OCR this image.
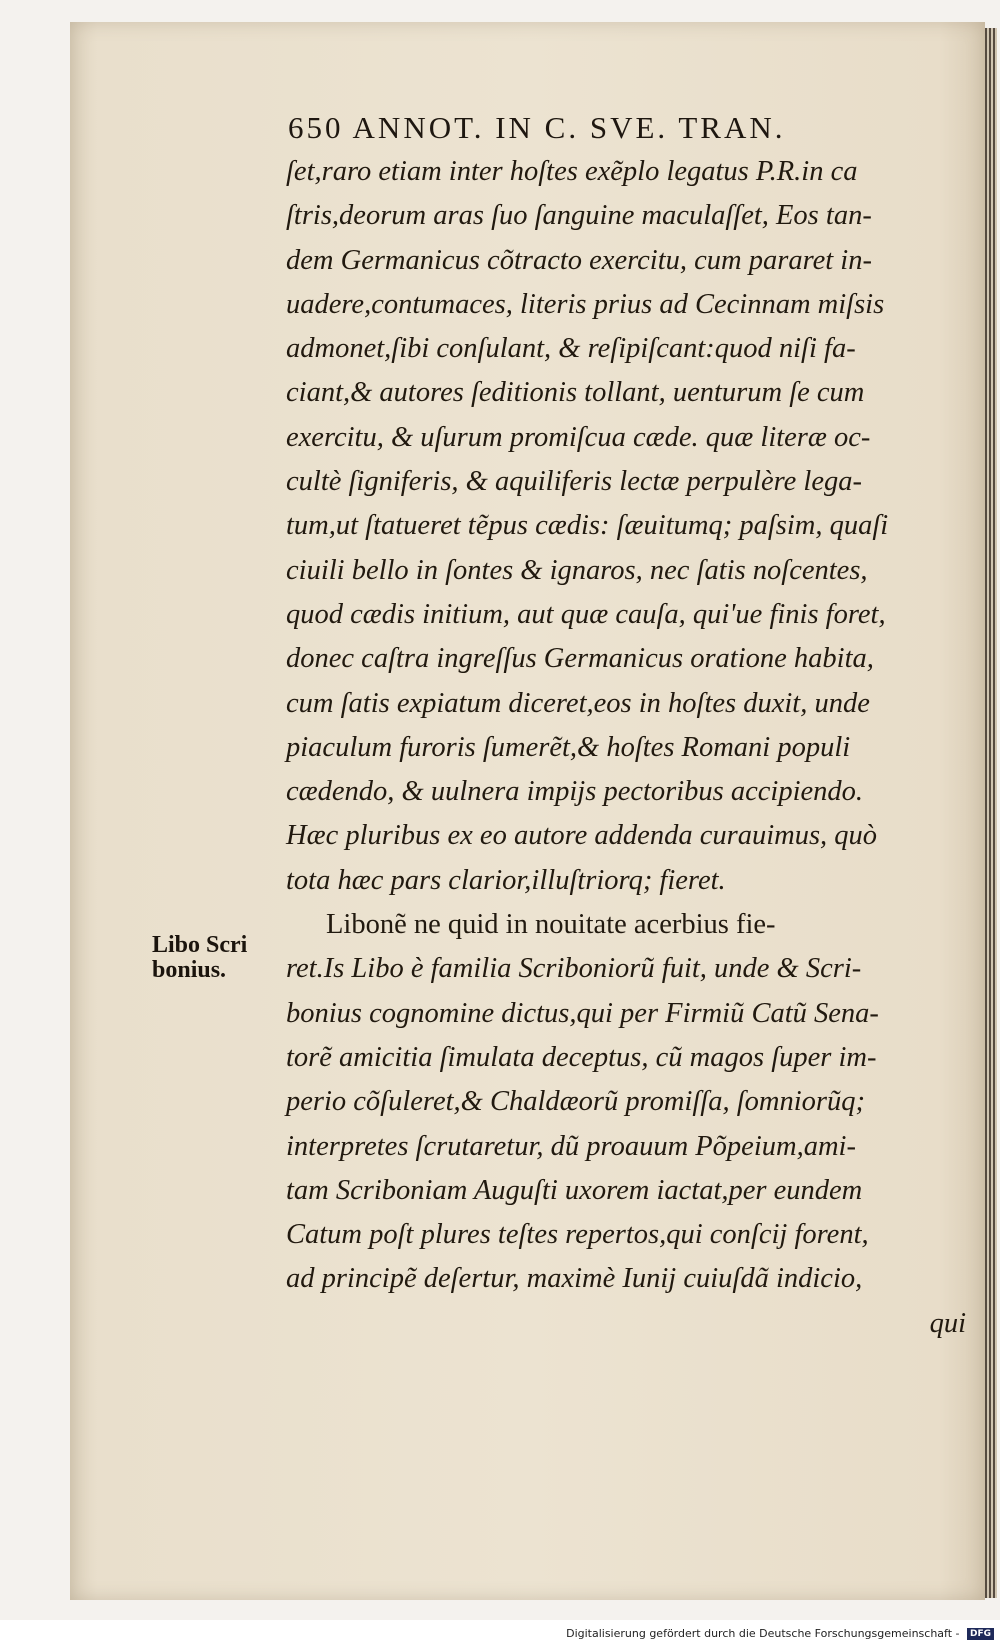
650 ANNOT. IN C. SVE. TRAN.
ſet,raro etiam inter hoſtes exẽplo legatus P.R.in ca
ſtris,deorum aras ſuo ſanguine maculaſſet, Eos tan-
dem Germanicus cõtracto exercitu, cum pararet in-
uadere,contumaces, literis prius ad Cecinnam miſsis
admonet,ſibi conſulant, & reſipiſcant:quod niſi fa-
ciant,& autores ſeditionis tollant, uenturum ſe cum
exercitu, & uſurum promiſcua cæde. quæ literæ oc-
cultè ſigniferis, & aquiliferis lectæ perpulère lega-
tum,ut ſtatueret tẽpus cædis: ſæuitumq; paſsim, quaſi
ciuili bello in ſontes & ignaros, nec ſatis noſcentes,
quod cædis initium, aut quæ cauſa, qui'ue finis foret,
donec caſtra ingreſſus Germanicus oratione habita,
cum ſatis expiatum diceret,eos in hoſtes duxit, unde
piaculum furoris ſumerẽt,& hoſtes Romani populi
cædendo, & uulnera impijs pectoribus accipiendo.
Hæc pluribus ex eo autore addenda curauimus, quò
tota hæc pars clarior,illuſtriorq; fieret.
Libonẽ ne quid in nouitate acerbius fie-
ret.Is Libo è familia Scriboniorũ fuit, unde & Scri-
bonius cognomine dictus,qui per Firmiũ Catũ Sena-
torẽ amicitia ſimulata deceptus, cũ magos ſuper im-
perio cõſuleret,& Chaldæorũ promiſſa, ſomniorũq;
interpretes ſcrutaretur, dũ proauum Põpeium,ami-
tam Scriboniam Auguſti uxorem iactat,per eundem
Catum poſt plures teſtes repertos,qui conſcij forent,
ad principẽ deſertur, maximè Iunij cuiuſdã indicio,
qui
Libo Scri
bonius.
Digitalisierung gefördert durch die Deutsche Forschungsgemeinschaft - DFG
